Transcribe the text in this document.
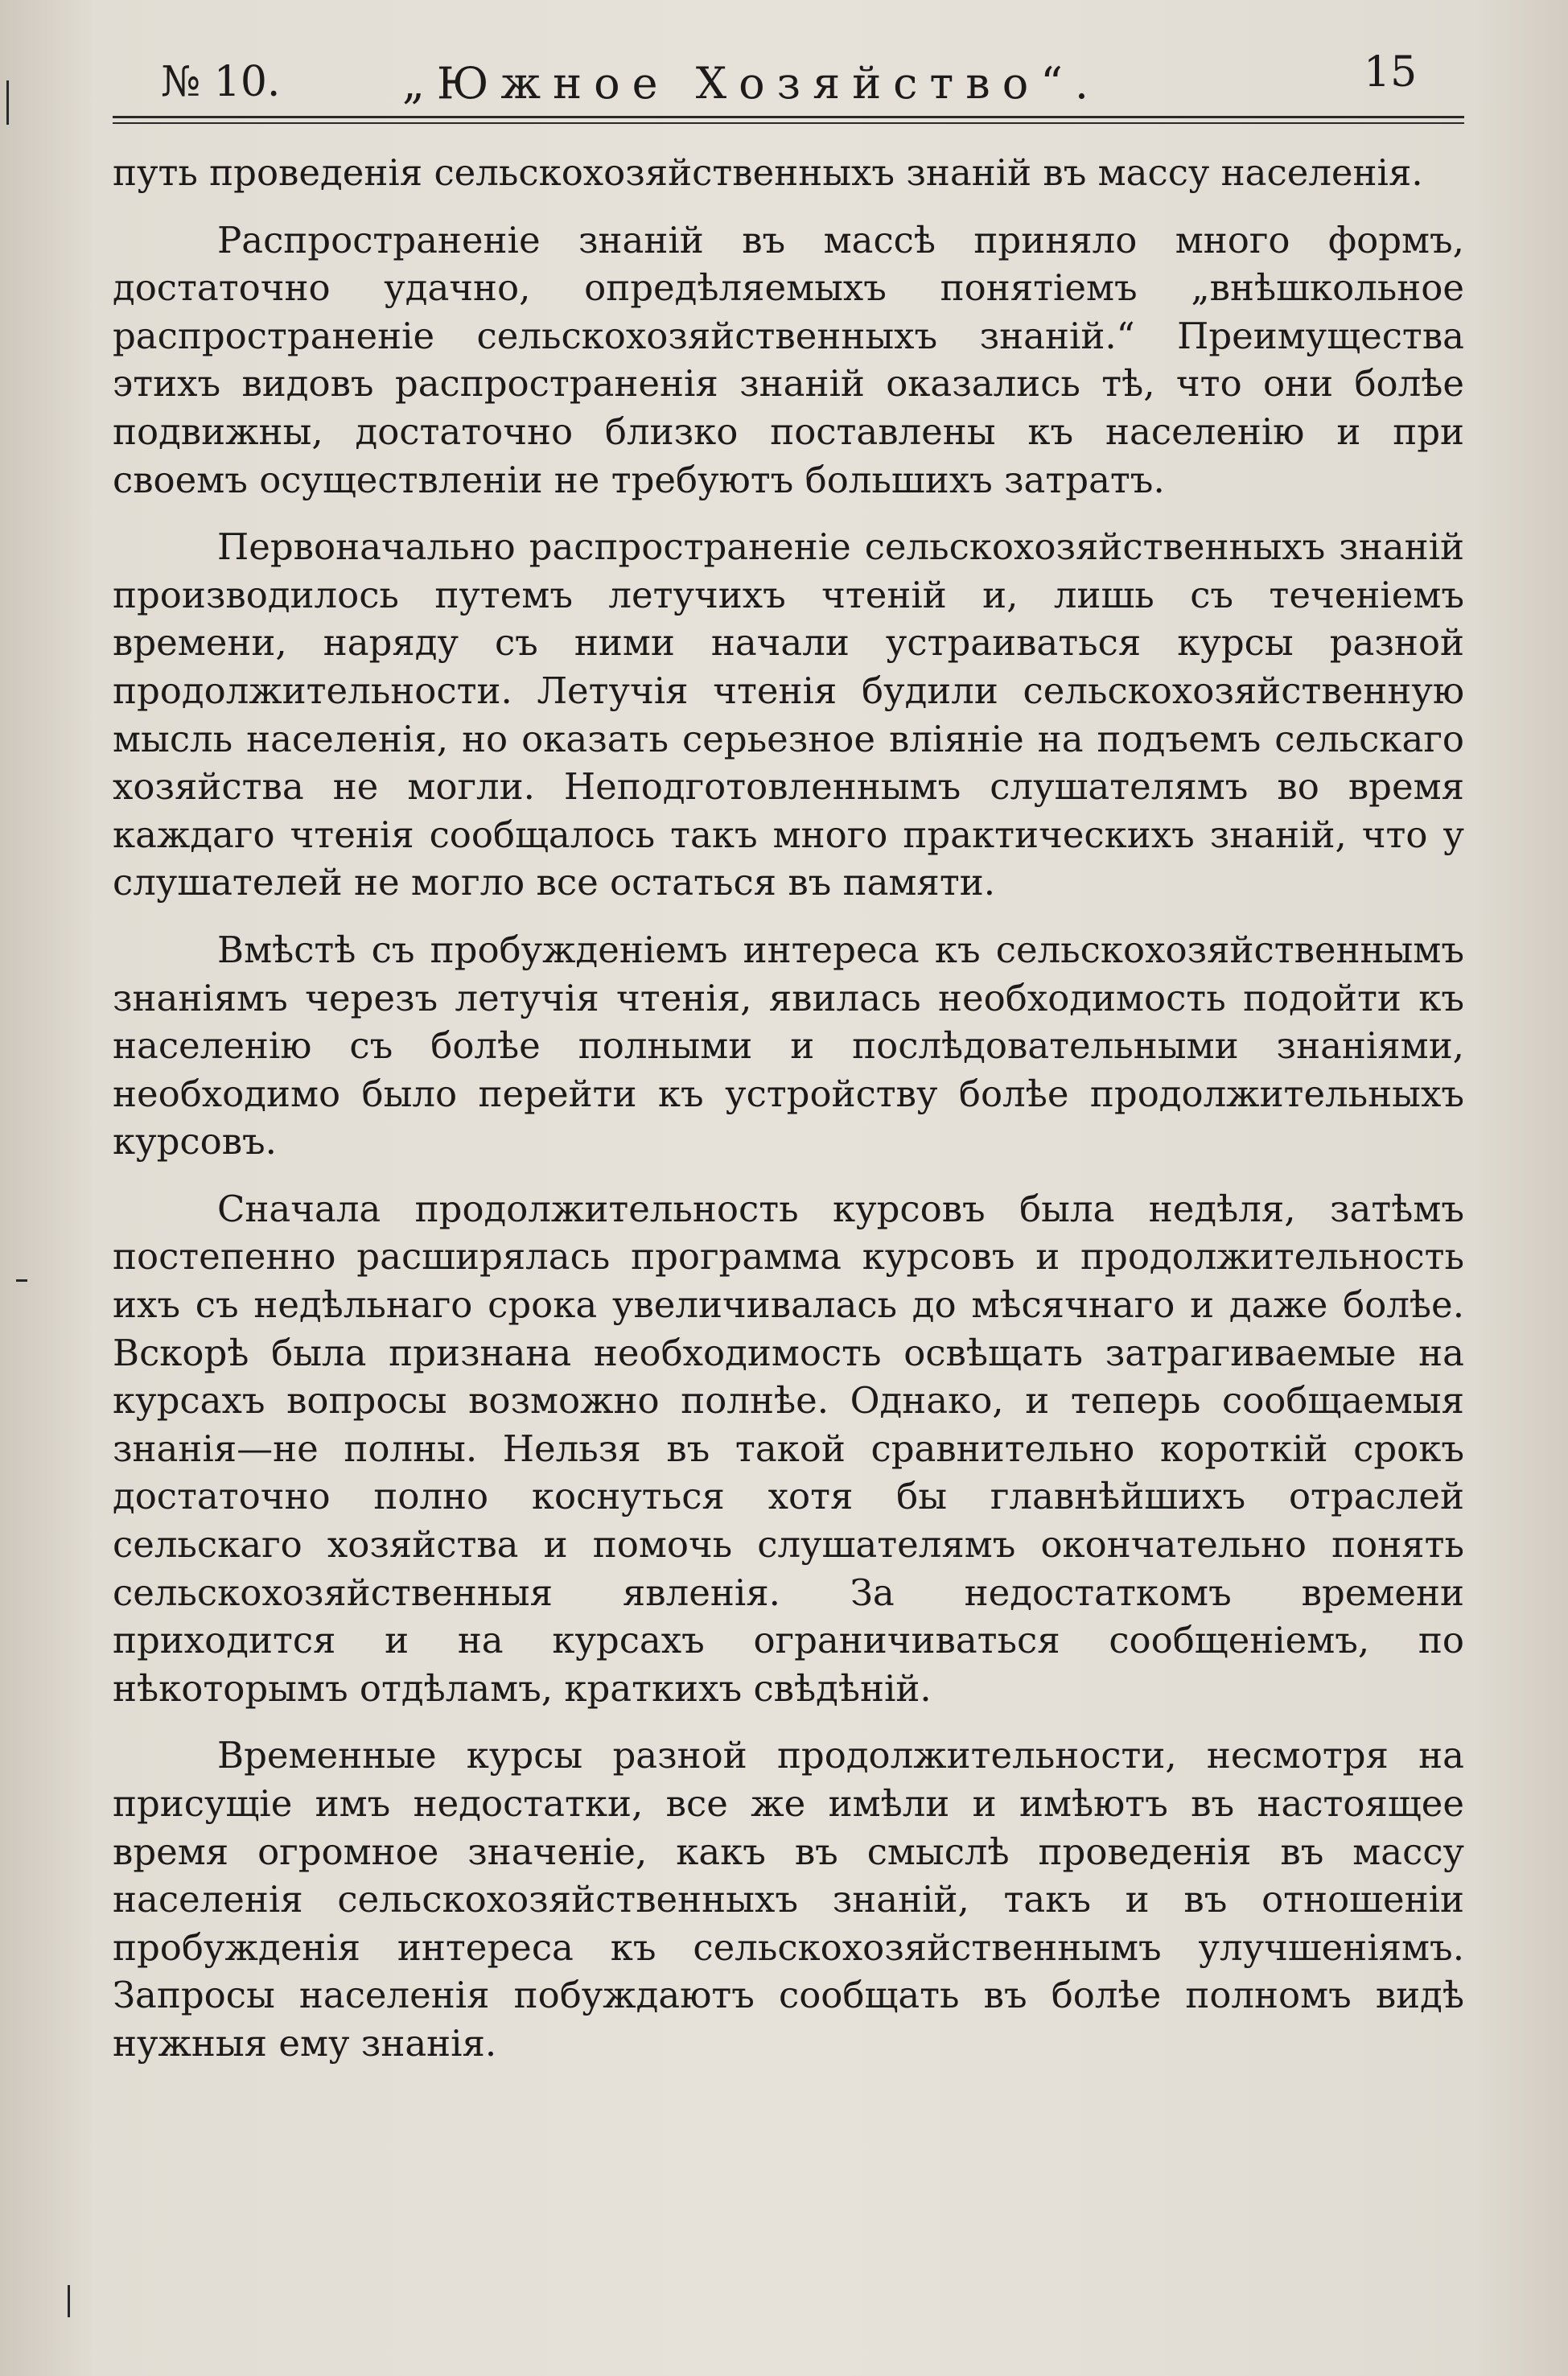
№ 10.	„Южное Хозяйство“.	15

путь проведенія сельскохозяйственныхъ знаній въ массу населенія.

Распространеніе знаній въ массѣ приняло много формъ, достаточно удачно, опредѣляемыхъ понятіемъ „внѣшкольное распространеніе сельскохозяйственныхъ знаній.“ Преимущества этихъ видовъ распространенія знаній оказались тѣ, что они болѣе подвижны, достаточно близко поставлены къ населенію и при своемъ осуществленіи не требуютъ большихъ затратъ.

Первоначально распространеніе сельскохозяйственныхъ знаній производилось путемъ летучихъ чтеній и, лишь съ теченіемъ времени, наряду съ ними начали устраиваться курсы разной продолжительности. Летучія чтенія будили сельскохозяйственную мысль населенія, но оказать серьезное вліяніе на подъемъ сельскаго хозяйства не могли. Неподготовленнымъ слушателямъ во время каждаго чтенія сообщалось такъ много практическихъ знаній, что у слушателей не могло все остаться въ памяти.

Вмѣстѣ съ пробужденіемъ интереса къ сельскохозяйственнымъ знаніямъ черезъ летучія чтенія, явилась необходимость подойти къ населенію съ болѣе полными и послѣдовательными знаніями, необходимо было перейти къ устройству болѣе продолжительныхъ курсовъ.

Сначала продолжительность курсовъ была недѣля, затѣмъ постепенно расширялась программа курсовъ и продолжительность ихъ съ недѣльнаго срока увеличивалась до мѣсячнаго и даже болѣе. Вскорѣ была признана необходимость освѣщать затрагиваемые на курсахъ вопросы возможно полнѣе. Однако, и теперь сообщаемыя знанія—не полны. Нельзя въ такой сравнительно короткій срокъ достаточно полно коснуться хотя бы главнѣйшихъ отраслей сельскаго хозяйства и помочь слушателямъ окончательно понять сельскохозяйственныя явленія. За недостаткомъ времени приходится и на курсахъ ограничиваться сообщеніемъ, по нѣкоторымъ отдѣламъ, краткихъ свѣдѣній.

Временные курсы разной продолжительности, несмотря на присущіе имъ недостатки, все же имѣли и имѣютъ въ настоящее время огромное значеніе, какъ въ смыслѣ проведенія въ массу населенія сельскохозяйственныхъ знаній, такъ и въ отношеніи пробужденія интереса къ сельскохозяйственнымъ улучшеніямъ. Запросы населенія побуждаютъ сообщать въ болѣе полномъ видѣ нужныя ему знанія.
